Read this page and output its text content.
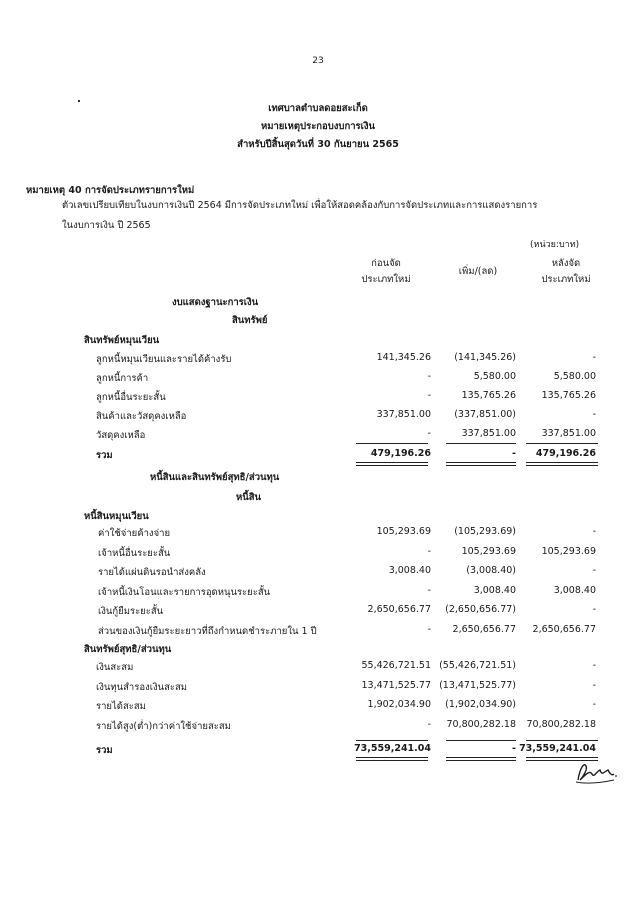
23
เทศบาลตำบลดอยสะเก็ด
หมายเหตุประกอบงบการเงิน
สำหรับปีสิ้นสุดวันที่ 30 กันยายน 2565
หมายเหตุ 40 การจัดประเภทรายการใหม่
ตัวเลขเปรียบเทียบในงบการเงินปี 2564 มีการจัดประเภทใหม่ เพื่อให้สอดคล้องกับการจัดประเภทและการแสดงรายการ
ในงบการเงิน ปี 2565
(หน่วย:บาท)
ก่อนจัด ประเภทใหม่
เพิ่ม/(ลด)
หลังจัด ประเภทใหม่
งบแสดงฐานะการเงิน
สินทรัพย์
สินทรัพย์หมุนเวียน
ลูกหนี้หมุนเวียนและรายได้ค้างรับ	141,345.26	(141,345.26)	-
ลูกหนี้การค้า	-	5,580.00	5,580.00
ลูกหนี้อื่นระยะสั้น	-	135,765.26	135,765.26
สินค้าและวัสดุคงเหลือ	337,851.00	(337,851.00)	-
วัสดุคงเหลือ	-	337,851.00	337,851.00
รวม	479,196.26	-	479,196.26
หนี้สินและสินทรัพย์สุทธิ/ส่วนทุน
หนี้สิน
หนี้สินหมุนเวียน
ค่าใช้จ่ายค้างจ่าย	105,293.69	(105,293.69)	-
เจ้าหนี้อื่นระยะสั้น	-	105,293.69	105,293.69
รายได้แผ่นดินรอนำส่งคลัง	3,008.40	(3,008.40)	-
เจ้าหนี้เงินโอนและรายการอุดหนุนระยะสั้น	-	3,008.40	3,008.40
เงินกู้ยืมระยะสั้น	2,650,656.77	(2,650,656.77)	-
ส่วนของเงินกู้ยืมระยะยาวที่ถึงกำหนดชำระภายใน 1 ปี	-	2,650,656.77	2,650,656.77
สินทรัพย์สุทธิ/ส่วนทุน
เงินสะสม	55,426,721.51 (55,426,721.51)	-
เงินทุนสำรองเงินสะสม	13,471,525.77 (13,471,525.77)	-
รายได้สะสม	1,902,034.90	(1,902,034.90)	-
รายได้สูง(ต่ำ)กว่าค่าใช้จ่ายสะสม	-	70,800,282.18	70,800,282.18
รวม	73,559,241.04	- 73,559,241.04
